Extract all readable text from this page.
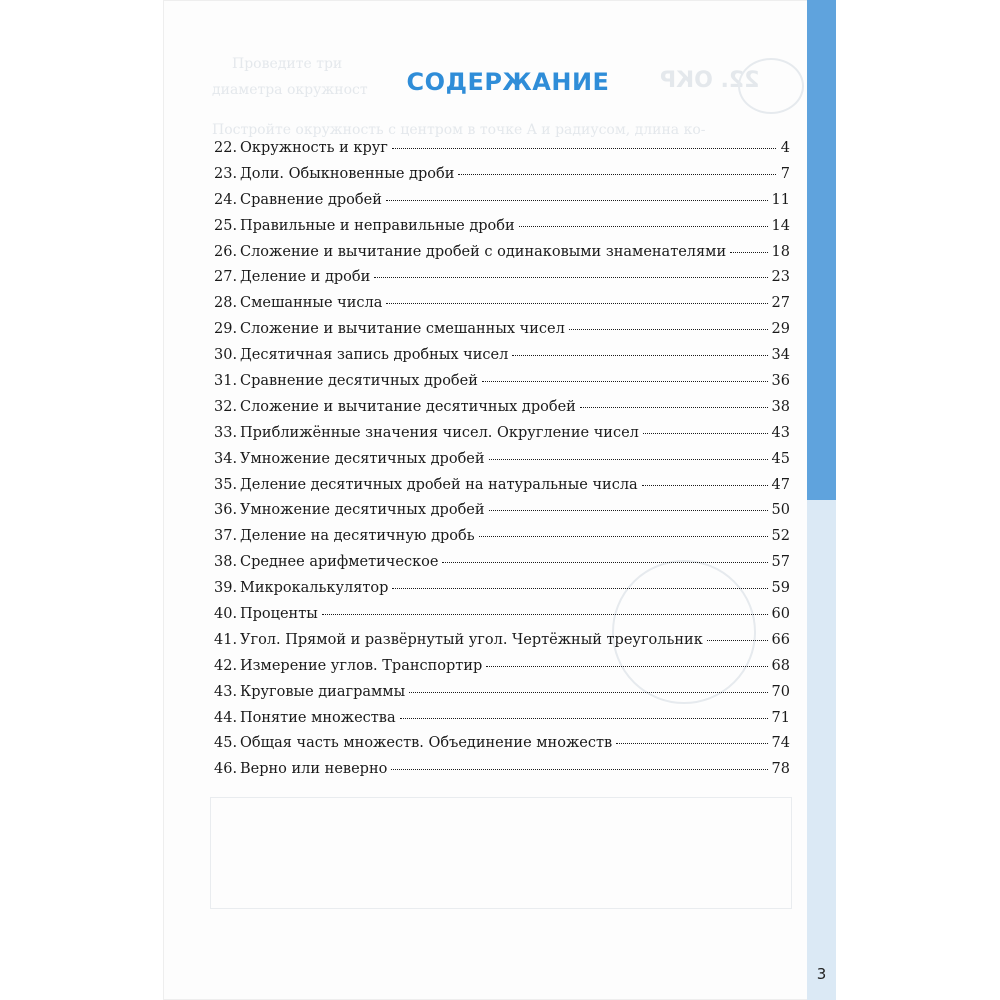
Проведите три
диаметра окружност	22. ОКР
Постройте окружность с центром в точке A и радиусом, длина ко-
3
СОДЕРЖАНИЕ
22. Окружность и круг	4
23. Доли. Обыкновенные дроби	7
24. Сравнение дробей	11
25. Правильные и неправильные дроби	14
26. Сложение и вычитание дробей с одинаковыми знаменателями	18
27. Деление и дроби	23
28. Смешанные числа	27
29. Сложение и вычитание смешанных чисел	29
30. Десятичная запись дробных чисел	34
31. Сравнение десятичных дробей	36
32. Сложение и вычитание десятичных дробей	38
33. Приближённые значения чисел. Округление чисел	43
34. Умножение десятичных дробей	45
35. Деление десятичных дробей на натуральные числа	47
36. Умножение десятичных дробей	50
37. Деление на десятичную дробь	52
38. Среднее арифметическое	57
39. Микрокалькулятор	59
40. Проценты	60
41. Угол. Прямой и развёрнутый угол. Чертёжный треугольник	66
42. Измерение углов. Транспортир	68
43. Круговые диаграммы	70
44. Понятие множества	71
45. Общая часть множеств. Объединение множеств	74
46. Верно или неверно	78
